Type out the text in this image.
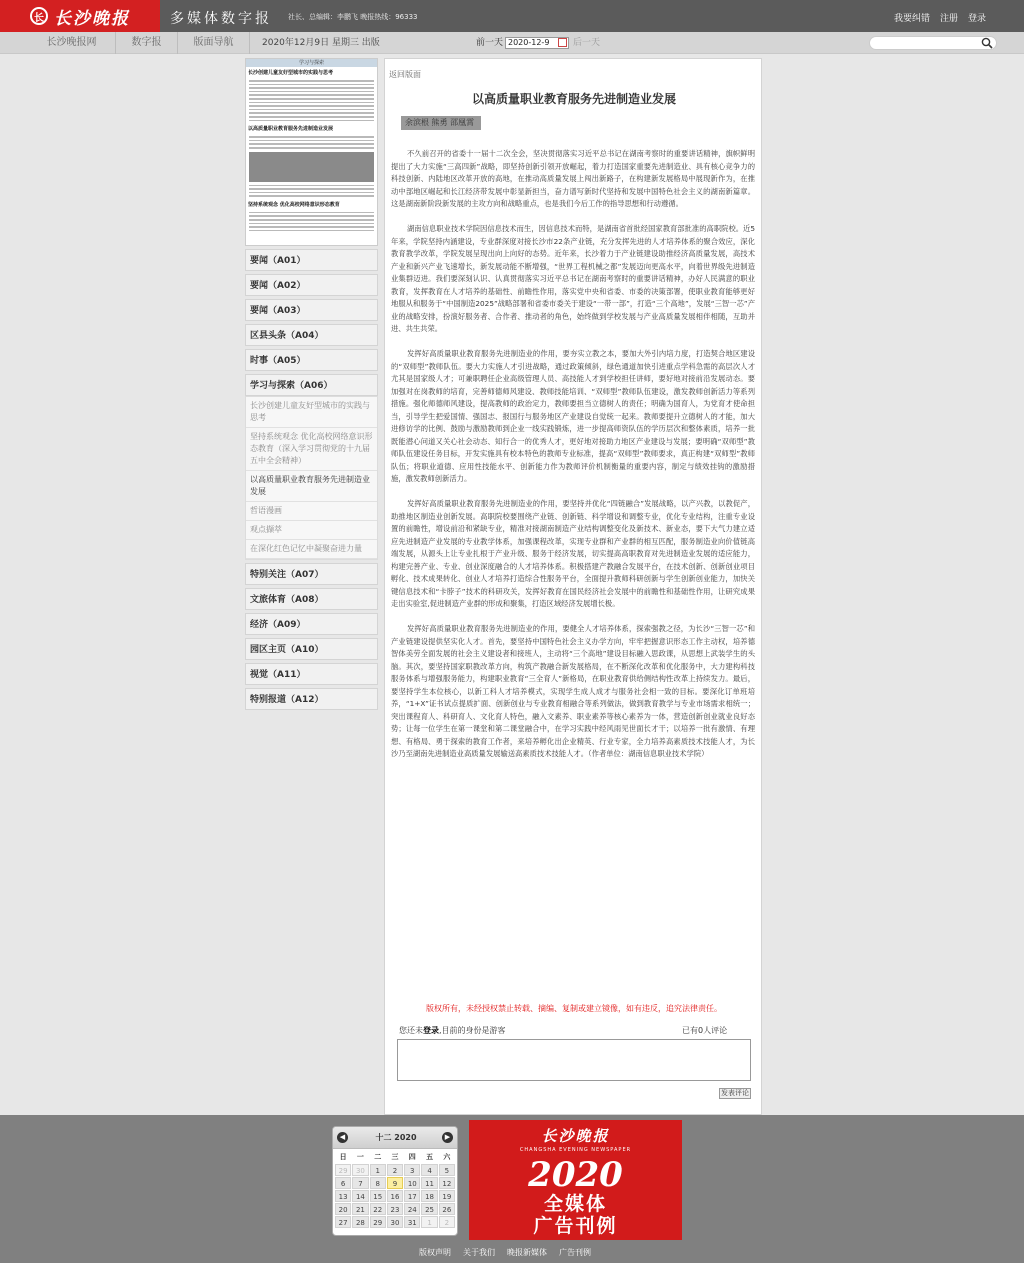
长 长沙晚报	多媒体数字报 社长、总编辑：李鹏飞 晚报热线：96333	我要纠错 注册 登录
长沙晚报网	数字报	版面导航	2020年12月9日 星期三 出版	前一天 2020-12-9	后一天
学习与探索
长沙创建儿童友好型城市的实践与思考
以高质量职业教育服务先进制造业发展
坚持系统观念 优化高校网络意识形态教育
要闻（A01）
要闻（A02）
要闻（A03）
区县头条（A04）
时事（A05）
学习与探索（A06）
长沙创建儿童友好型城市的实践与思考
坚持系统观念 优化高校网络意识形态教育（深入学习贯彻党的十九届五中全会精神）
以高质量职业教育服务先进制造业发展
哲语漫画
观点撷萃
在深化红色记忆中凝聚奋进力量
特别关注（A07）
文旅体育（A08）
经济（A09）
园区主页（A10）
视觉（A11）
特别报道（A12）
返回版面
以高质量职业教育服务先进制造业发展
余滨根 熊勇 邵凰霄

不久前召开的省委十一届十二次全会，坚决贯彻落实习近平总书记在湖南考察时的重要讲话精神，旗帜鲜明提出了大力实施“三高四新”战略，即坚持创新引领开放崛起，着力打造国家重要先进制造业、具有核心竞争力的科技创新、内陆地区改革开放的高地，在推动高质量发展上闯出新路子，在构建新发展格局中展现新作为，在推动中部地区崛起和长江经济带发展中彰显新担当，奋力谱写新时代坚持和发展中国特色社会主义的湖南新篇章。这是湖南新阶段新发展的主攻方向和战略重点，也是我们今后工作的指导思想和行动遵循。

湖南信息职业技术学院因信息技术而生，因信息技术而特，是湖南省首批经国家教育部批准的高职院校。近5年来，学院坚持内涵建设，专业群深度对接长沙市22条产业链，充分发挥先进的人才培养体系的聚合效应，深化教育教学改革，学院发展呈现出向上向好的态势。近年来，长沙着力于产业链建设助推经济高质量发展，高技术产业和新兴产业飞速增长，新发展动能不断增强，“世界工程机械之都”发展迈向更高水平，向着世界级先进制造业集群迈进。我们要深刻认识、认真贯彻落实习近平总书记在湖南考察时的重要讲话精神，办好人民满意的职业教育，发挥教育在人才培养的基础性、前瞻性作用，落实党中央和省委、市委的决策部署，使职业教育能够更好地服从和服务于“中国制造2025”战略部署和省委市委关于建设“一带一部”，打造“三个高地”，发展“三智一芯”产业的战略安排，扮演好服务者、合作者、推动者的角色，始终做到学校发展与产业高质量发展相伴相随，互助并进、共生共荣。

发挥好高质量职业教育服务先进制造业的作用，要夯实立教之本，要加大外引内培力度，打造契合地区建设的“双师型”教师队伍。要大力实施人才引进战略，通过政策倾斜，绿色通道加快引进重点学科急需的高层次人才尤其是国家级人才；可兼职聘任企业高级管理人员、高技能人才到学校担任讲师，要好地对接前沿发展动态。要加强对在岗教师的培育，完善师德师风建设、教师技能培训、“双师型”教师队伍建设，激发教师创新活力等系列措施。强化师德师风建设，提高教师的政治定力，教师要担当立德树人的责任；明确为国育人，为党育才使命担当，引导学生把爱国情、强国志、报国行与服务地区产业建设自觉统一起来。教师要提升立德树人的才能，加大进修访学的比例、鼓励与激励教师到企业一线实践锻炼，进一步提高师资队伍的学历层次和整体素质，培养一批既能潜心问道又关心社会动态、知行合一的优秀人才，更好地对接助力地区产业建设与发展；要明确“双师型”教师队伍建设任务目标，开发实施具有校本特色的教师专业标准，提高“双师型”教师要求，真正构建“双师型”教师队伍；将职业道德、应用性技能水平、创新能力作为教师评价机制衡量的重要内容，制定与绩效挂钩的激励措施，激发教师创新活力。

发挥好高质量职业教育服务先进制造业的作用，要坚持并优化“四链融合”发展战略，以产兴教，以教促产，助推地区制造业创新发展。高职院校要围绕产业链、创新链、科学增设和调整专业，优化专业结构，注重专业设置的前瞻性，增设前沿和紧缺专业，精准对接湖南制造产业结构调整变化及新技术、新业态，要下大气力建立适应先进制造产业发展的专业教学体系，加强课程改革，实现专业群和产业群的相互匹配，服务制造业向价值链高端发展，从源头上让专业扎根于产业升级、服务于经济发展，切实提高高职教育对先进制造业发展的适应能力，构建完善产业、专业、创业深度融合的人才培养体系。积极搭建产教融合发展平台，在技术创新、创新创业项目孵化、技术成果转化、创业人才培养打造综合性服务平台，全面提升教师科研创新与学生创新创业能力，加快关键信息技术和“卡脖子”技术的科研攻关，发挥好教育在国民经济社会发展中的前瞻性和基础性作用，让研究成果走出实验室,促进制造产业群的形成和聚集，打造区域经济发展增长极。

发挥好高质量职业教育服务先进制造业的作用，要健全人才培养体系，探索强教之径，为长沙“三智一芯”和产业链建设提供坚实化人才。首先，要坚持中国特色社会主义办学方向，牢牢把握意识形态工作主动权，培养德智体美劳全面发展的社会主义建设者和接班人，主动将“三个高地”建设目标融入思政课，从思想上武装学生的头脑。其次，要坚持国家职教改革方向，构筑产教融合新发展格局，在不断深化改革和优化服务中，大力建构科技服务体系与增强服务能力，构建职业教育“三全育人”新格局，在职业教育供给侧结构性改革上持续发力。最后，要坚持学生本位核心，以新工科人才培养模式，实现学生成人成才与服务社会相一致的目标。要深化订单班培养，“1+X”证书试点提质扩面、创新创业与专业教育相融合等系列做法，做到教育教学与专业市场需求相统一；突出课程育人、科研育人、文化育人特色，融入文素养、职业素养等核心素养为一体，营造创新创业就业良好态势；让每一位学生在第一课堂和第二课堂融合中，在学习实践中经风雨见世面长才干；以培养一批有激情、有理想、有格局、勇于探索的教育工作者，来培养孵化出企业精英、行业专家，全力培养高素质技术技能人才，为长沙乃至湖南先进制造业高质量发展输送高素质技术技能人才。（作者单位：湖南信息职业技术学院）

版权所有，未经授权禁止转载、摘编、复制或建立镜像，如有违反，追究法律责任。
您还未登录,目前的身份是游客	已有0人评论
发表评论
◀	十二 2020	▶
日	一	二	三	四	五	六
29	30	1	2	3	4	5
6	7	8	9	10	11	12
13	14	15	16	17	18	19
20	21	22	23	24	25	26
27	28	29	30	31	1	2
长沙晚报
CHANGSHA EVENING NEWSPAPER
2020
全媒体
广告刊例
版权声明 关于我们 晚报新媒体 广告刊例
